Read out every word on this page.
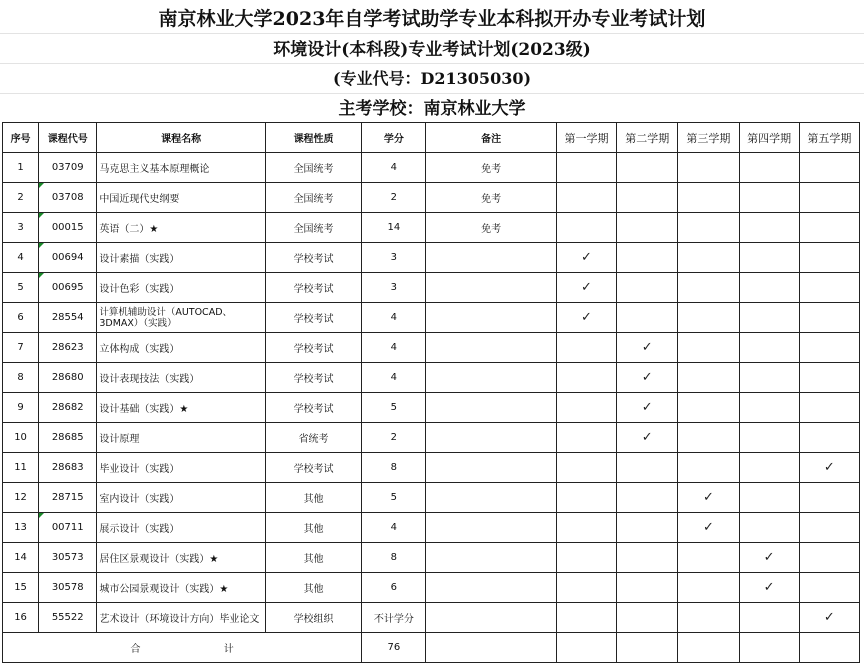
南京林业大学2023年自学考试助学专业本科拟开办专业考试计划
环境设计(本科段)专业考试计划(2023级)
(专业代号：D21305030)
主考学校：南京林业大学
序号	课程代号	课程名称	课程性质	学分	备注	第一学期	第二学期	第三学期	第四学期	第五学期
1	03709	马克思主义基本原理概论	全国统考	4	免考					
2	03708	中国近现代史纲要	全国统考	2	免考					
3	00015	英语（二）★	全国统考	14	免考					
4	00694	设计素描（实践）	学校考试	3		✓				
5	00695	设计色彩（实践）	学校考试	3		✓				
6	28554	计算机辅助设计（AUTOCAD、3DMAX）（实践）	学校考试	4		✓				
7	28623	立体构成（实践）	学校考试	4			✓			
8	28680	设计表现技法（实践）	学校考试	4			✓			
9	28682	设计基础（实践）★	学校考试	5			✓			
10	28685	设计原理	省统考	2			✓			
11	28683	毕业设计（实践）	学校考试	8						✓
12	28715	室内设计（实践）	其他	5				✓		
13	00711	展示设计（实践）	其他	4				✓		
14	30573	居住区景观设计（实践）★	其他	8					✓	
15	30578	城市公园景观设计（实践）★	其他	6					✓	
16	55522	艺术设计（环境设计方向）毕业论文	学校组织	不计学分						✓
合 计				76						
